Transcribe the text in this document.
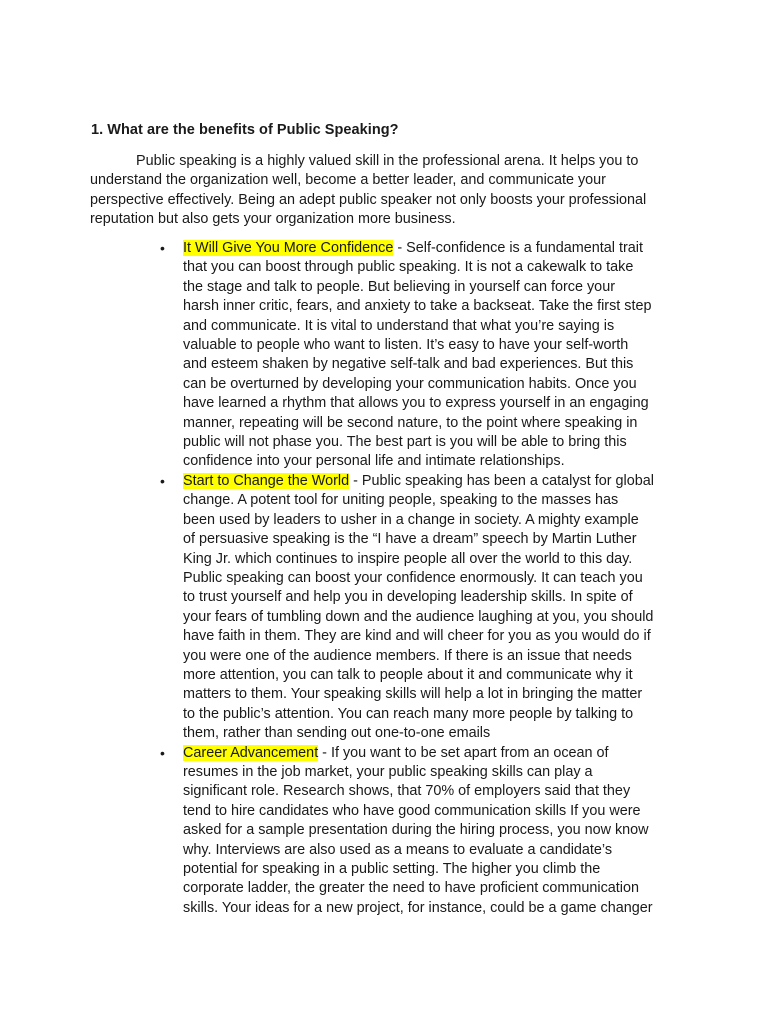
1. What are the benefits of Public Speaking?
Public speaking is a highly valued skill in the professional arena. It helps you to
understand the organization well, become a better leader, and communicate your
perspective effectively. Being an adept public speaker not only boosts your professional
reputation but also gets your organization more business.
• It Will Give You More Confidence - Self-confidence is a fundamental trait
that you can boost through public speaking. It is not a cakewalk to take
the stage and talk to people. But believing in yourself can force your
harsh inner critic, fears, and anxiety to take a backseat. Take the first step
and communicate. It is vital to understand that what you’re saying is
valuable to people who want to listen. It’s easy to have your self-worth
and esteem shaken by negative self-talk and bad experiences. But this
can be overturned by developing your communication habits. Once you
have learned a rhythm that allows you to express yourself in an engaging
manner, repeating will be second nature, to the point where speaking in
public will not phase you. The best part is you will be able to bring this
confidence into your personal life and intimate relationships.
• Start to Change the World - Public speaking has been a catalyst for global
change. A potent tool for uniting people, speaking to the masses has
been used by leaders to usher in a change in society. A mighty example
of persuasive speaking is the “I have a dream” speech by Martin Luther
King Jr. which continues to inspire people all over the world to this day.
Public speaking can boost your confidence enormously. It can teach you
to trust yourself and help you in developing leadership skills. In spite of
your fears of tumbling down and the audience laughing at you, you should
have faith in them. They are kind and will cheer for you as you would do if
you were one of the audience members. If there is an issue that needs
more attention, you can talk to people about it and communicate why it
matters to them. Your speaking skills will help a lot in bringing the matter
to the public’s attention. You can reach many more people by talking to
them, rather than sending out one-to-one emails
• Career Advancement - If you want to be set apart from an ocean of
resumes in the job market, your public speaking skills can play a
significant role. Research shows, that 70% of employers said that they
tend to hire candidates who have good communication skills If you were
asked for a sample presentation during the hiring process, you now know
why. Interviews are also used as a means to evaluate a candidate’s
potential for speaking in a public setting. The higher you climb the
corporate ladder, the greater the need to have proficient communication
skills. Your ideas for a new project, for instance, could be a game changer
